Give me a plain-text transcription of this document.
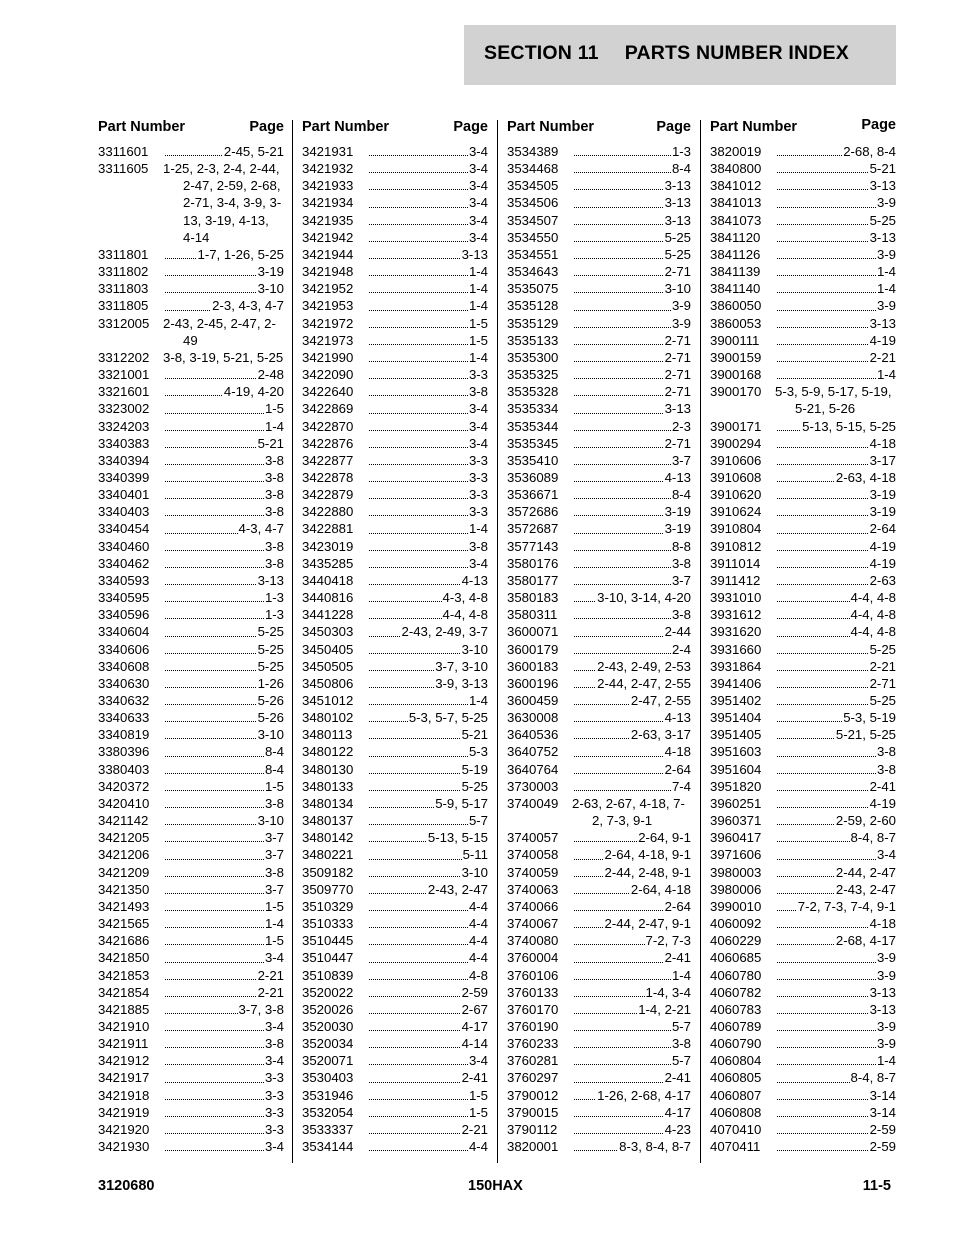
SECTION 11 PARTS NUMBER INDEX
Part Number	Page
3311601	2-45, 5-21
3311605	1-25, 2-3, 2-4, 2-44, 2-47, 2-59, 2-68, 2-71, 3-4, 3-9, 3-13, 3-19, 4-13, 4-14
3311801	1-7, 1-26, 5-25
3311802	3-19
3311803	3-10
3311805	2-3, 4-3, 4-7
3312005	2-43, 2-45, 2-47, 2-49
3312202	3-8, 3-19, 5-21, 5-25
3321001	2-48
3321601	4-19, 4-20
3323002	1-5
3324203	1-4
3340383	5-21
3340394	3-8
3340399	3-8
3340401	3-8
3340403	3-8
3340454	4-3, 4-7
3340460	3-8
3340462	3-8
3340593	3-13
3340595	1-3
3340596	1-3
3340604	5-25
3340606	5-25
3340608	5-25
3340630	1-26
3340632	5-26
3340633	5-26
3340819	3-10
3380396	8-4
3380403	8-4
3420372	1-5
3420410	3-8
3421142	3-10
3421205	3-7
3421206	3-7
3421209	3-8
3421350	3-7
3421493	1-5
3421565	1-4
3421686	1-5
3421850	3-4
3421853	2-21
3421854	2-21
3421885	3-7, 3-8
3421910	3-4
3421911	3-8
3421912	3-4
3421917	3-3
3421918	3-3
3421919	3-3
3421920	3-3
3421930	3-4
Part Number	Page
3421931	3-4
3421932	3-4
3421933	3-4
3421934	3-4
3421935	3-4
3421942	3-4
3421944	3-13
3421948	1-4
3421952	1-4
3421953	1-4
3421972	1-5
3421973	1-5
3421990	1-4
3422090	3-3
3422640	3-8
3422869	3-4
3422870	3-4
3422876	3-4
3422877	3-3
3422878	3-3
3422879	3-3
3422880	3-3
3422881	1-4
3423019	3-8
3435285	3-4
3440418	4-13
3440816	4-3, 4-8
3441228	4-4, 4-8
3450303	2-43, 2-49, 3-7
3450405	3-10
3450505	3-7, 3-10
3450806	3-9, 3-13
3451012	1-4
3480102	5-3, 5-7, 5-25
3480113	5-21
3480122	5-3
3480130	5-19
3480133	5-25
3480134	5-9, 5-17
3480137	5-7
3480142	5-13, 5-15
3480221	5-11
3509182	3-10
3509770	2-43, 2-47
3510329	4-4
3510333	4-4
3510445	4-4
3510447	4-4
3510839	4-8
3520022	2-59
3520026	2-67
3520030	4-17
3520034	4-14
3520071	3-4
3530403	2-41
3531946	1-5
3532054	1-5
3533337	2-21
3534144	4-4
Part Number	Page
3534389	1-3
3534468	8-4
3534505	3-13
3534506	3-13
3534507	3-13
3534550	5-25
3534551	5-25
3534643	2-71
3535075	3-10
3535128	3-9
3535129	3-9
3535133	2-71
3535300	2-71
3535325	2-71
3535328	2-71
3535334	3-13
3535344	2-3
3535345	2-71
3535410	3-7
3536089	4-13
3536671	8-4
3572686	3-19
3572687	3-19
3577143	8-8
3580176	3-8
3580177	3-7
3580183	3-10, 3-14, 4-20
3580311	3-8
3600071	2-44
3600179	2-4
3600183	2-43, 2-49, 2-53
3600196	2-44, 2-47, 2-55
3600459	2-47, 2-55
3630008	4-13
3640536	2-63, 3-17
3640752	4-18
3640764	2-64
3730003	7-4
3740049	2-63, 2-67, 4-18, 7-2, 7-3, 9-1
3740057	2-64, 9-1
3740058	2-64, 4-18, 9-1
3740059	2-44, 2-48, 9-1
3740063	2-64, 4-18
3740066	2-64
3740067	2-44, 2-47, 9-1
3740080	7-2, 7-3
3760004	2-41
3760106	1-4
3760133	1-4, 3-4
3760170	1-4, 2-21
3760190	5-7
3760233	3-8
3760281	5-7
3760297	2-41
3790012	1-26, 2-68, 4-17
3790015	4-17
3790112	4-23
3820001	8-3, 8-4, 8-7
Part Number	Page
3820019	2-68, 8-4
3840800	5-21
3841012	3-13
3841013	3-9
3841073	5-25
3841120	3-13
3841126	3-9
3841139	1-4
3841140	1-4
3860050	3-9
3860053	3-13
3900111	4-19
3900159	2-21
3900168	1-4
3900170	5-3, 5-9, 5-17, 5-19, 5-21, 5-26
3900171	5-13, 5-15, 5-25
3900294	4-18
3910606	3-17
3910608	2-63, 4-18
3910620	3-19
3910624	3-19
3910804	2-64
3910812	4-19
3911014	4-19
3911412	2-63
3931010	4-4, 4-8
3931612	4-4, 4-8
3931620	4-4, 4-8
3931660	5-25
3931864	2-21
3941406	2-71
3951402	5-25
3951404	5-3, 5-19
3951405	5-21, 5-25
3951603	3-8
3951604	3-8
3951820	2-41
3960251	4-19
3960371	2-59, 2-60
3960417	8-4, 8-7
3971606	3-4
3980003	2-44, 2-47
3980006	2-43, 2-47
3990010	7-2, 7-3, 7-4, 9-1
4060092	4-18
4060229	2-68, 4-17
4060685	3-9
4060780	3-9
4060782	3-13
4060783	3-13
4060789	3-9
4060790	3-9
4060804	1-4
4060805	8-4, 8-7
4060807	3-14
4060808	3-14
4070410	2-59
4070411	2-59
3120680	150HAX	11-5
